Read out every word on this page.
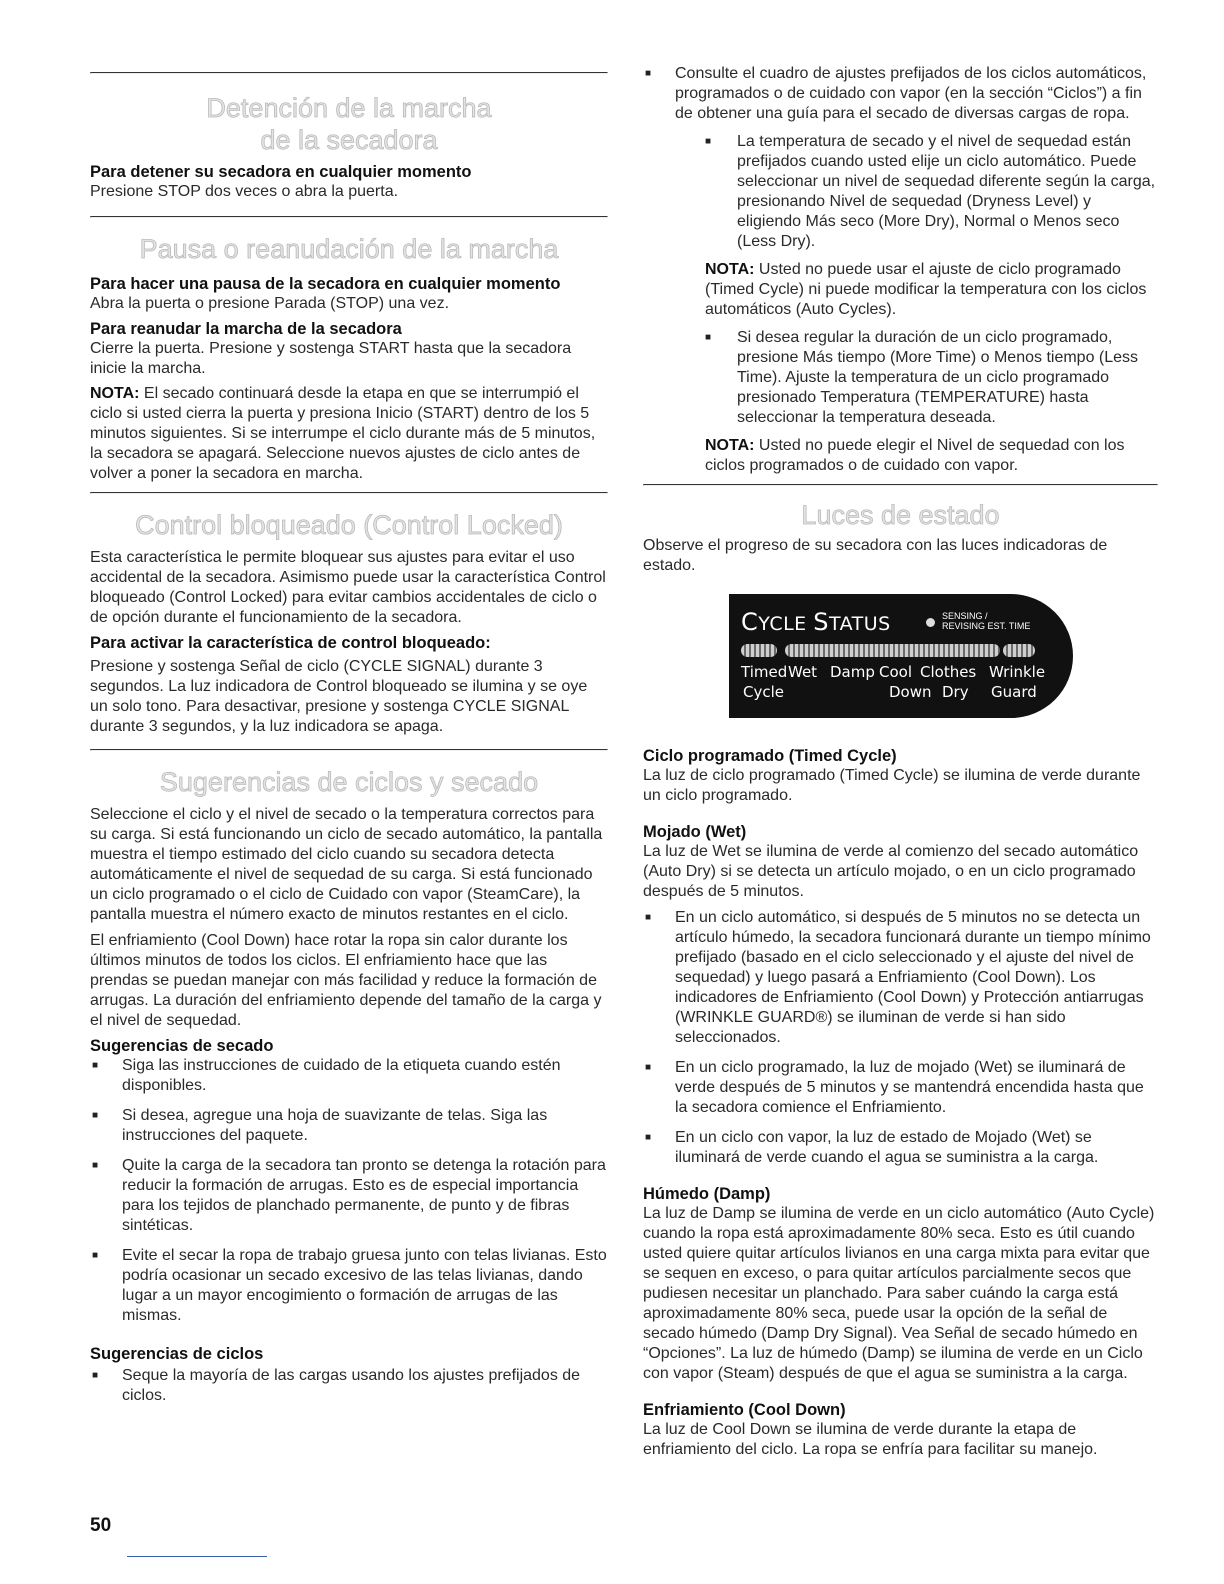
Detención de la marcha
de la secadora

Para detener su secadora en cualquier momento

Presione STOP dos veces o abra la puerta.

Pausa o reanudación de la marcha

Para hacer una pausa de la secadora en cualquier momento

Abra la puerta o presione Parada (STOP) una vez.

Para reanudar la marcha de la secadora

Cierre la puerta. Presione y sostenga START hasta que la secadora inicie la marcha.

NOTA: El secado continuará desde la etapa en que se interrumpió el ciclo si usted cierra la puerta y presiona Inicio (START) dentro de los 5 minutos siguientes. Si se interrumpe el ciclo durante más de 5 minutos, la secadora se apagará. Seleccione nuevos ajustes de ciclo antes de volver a poner la secadora en marcha.

Control bloqueado (Control Locked)

Esta característica le permite bloquear sus ajustes para evitar el uso accidental de la secadora. Asimismo puede usar la característica Control bloqueado (Control Locked) para evitar cambios accidentales de ciclo o de opción durante el funcionamiento de la secadora.

Para activar la característica de control bloqueado:

Presione y sostenga Señal de ciclo (CYCLE SIGNAL) durante 3 segundos. La luz indicadora de Control bloqueado se ilumina y se oye un solo tono. Para desactivar, presione y sostenga CYCLE SIGNAL durante 3 segundos, y la luz indicadora se apaga.

Sugerencias de ciclos y secado

Seleccione el ciclo y el nivel de secado o la temperatura correctos para su carga. Si está funcionando un ciclo de secado automático, la pantalla muestra el tiempo estimado del ciclo cuando su secadora detecta automáticamente el nivel de sequedad de su carga. Si está funcionado un ciclo programado o el ciclo de Cuidado con vapor (SteamCare), la pantalla muestra el número exacto de minutos restantes en el ciclo.

El enfriamiento (Cool Down) hace rotar la ropa sin calor durante los últimos minutos de todos los ciclos. El enfriamiento hace que las prendas se puedan manejar con más facilidad y reduce la formación de arrugas. La duración del enfriamiento depende del tamaño de la carga y el nivel de sequedad.

Sugerencias de secado

■ Siga las instrucciones de cuidado de la etiqueta cuando estén disponibles.
■ Si desea, agregue una hoja de suavizante de telas. Siga las instrucciones del paquete.
■ Quite la carga de la secadora tan pronto se detenga la rotación para reducir la formación de arrugas. Esto es de especial importancia para los tejidos de planchado permanente, de punto y de fibras sintéticas.
■ Evite el secar la ropa de trabajo gruesa junto con telas livianas. Esto podría ocasionar un secado excesivo de las telas livianas, dando lugar a un mayor encogimiento o formación de arrugas de las mismas.

Sugerencias de ciclos

■ Seque la mayoría de las cargas usando los ajustes prefijados de ciclos.
■ Consulte el cuadro de ajustes prefijados de los ciclos automáticos, programados o de cuidado con vapor (en la sección “Ciclos”) a fin de obtener una guía para el secado de diversas cargas de ropa.
■ La temperatura de secado y el nivel de sequedad están prefijados cuando usted elije un ciclo automático. Puede seleccionar un nivel de sequedad diferente según la carga, presionando Nivel de sequedad (Dryness Level) y eligiendo Más seco (More Dry), Normal o Menos seco (Less Dry).

NOTA: Usted no puede usar el ajuste de ciclo programado (Timed Cycle) ni puede modificar la temperatura con los ciclos automáticos (Auto Cycles).

■ Si desea regular la duración de un ciclo programado, presione Más tiempo (More Time) o Menos tiempo (Less Time). Ajuste la temperatura de un ciclo programado presionado Temperatura (TEMPERATURE) hasta seleccionar la temperatura deseada.

NOTA: Usted no puede elegir el Nivel de sequedad con los ciclos programados o de cuidado con vapor.

Luces de estado

Observe el progreso de su secadora con las luces indicadoras de estado.

CYCLE STATUS	SENSING /
REVISING EST. TIME
Timed Wet Damp Cool Clothes Wrinkle
Cycle	Down Dry Guard

Ciclo programado (Timed Cycle)

La luz de ciclo programado (Timed Cycle) se ilumina de verde durante un ciclo programado.

Mojado (Wet)

La luz de Wet se ilumina de verde al comienzo del secado automático (Auto Dry) si se detecta un artículo mojado, o en un ciclo programado después de 5 minutos.

■ En un ciclo automático, si después de 5 minutos no se detecta un artículo húmedo, la secadora funcionará durante un tiempo mínimo prefijado (basado en el ciclo seleccionado y el ajuste del nivel de sequedad) y luego pasará a Enfriamiento (Cool Down). Los indicadores de Enfriamiento (Cool Down) y Protección antiarrugas (WRINKLE GUARD®) se iluminan de verde si han sido seleccionados.
■ En un ciclo programado, la luz de mojado (Wet) se iluminará de verde después de 5 minutos y se mantendrá encendida hasta que la secadora comience el Enfriamiento.
■ En un ciclo con vapor, la luz de estado de Mojado (Wet) se iluminará de verde cuando el agua se suministra a la carga.

Húmedo (Damp)

La luz de Damp se ilumina de verde en un ciclo automático (Auto Cycle) cuando la ropa está aproximadamente 80% seca. Esto es útil cuando usted quiere quitar artículos livianos en una carga mixta para evitar que se sequen en exceso, o para quitar artículos parcialmente secos que pudiesen necesitar un planchado. Para saber cuándo la carga está aproximadamente 80% seca, puede usar la opción de la señal de secado húmedo (Damp Dry Signal). Vea Señal de secado húmedo en “Opciones”. La luz de húmedo (Damp) se ilumina de verde en un Ciclo con vapor (Steam) después de que el agua se suministra a la carga.

Enfriamiento (Cool Down)

La luz de Cool Down se ilumina de verde durante la etapa de enfriamiento del ciclo. La ropa se enfría para facilitar su manejo.

50
